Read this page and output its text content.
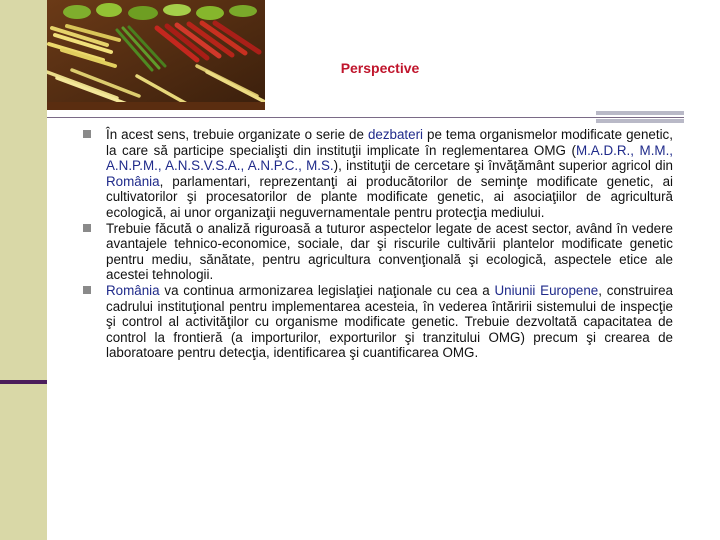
Perspective

În acest sens, trebuie organizate o serie de dezbateri pe tema organismelor modificate genetic, la care să participe specialişti din instituţii implicate în reglementarea OMG (M.A.D.R., M.M., A.N.P.M., A.N.S.V.S.A., A.N.P.C., M.S.), instituţii de cercetare şi învăţământ superior agricol din România, parlamentari, reprezentanţi ai producătorilor de seminţe modificate genetic, ai cultivatorilor şi procesatorilor de plante modificate genetic, ai asociaţiilor de agricultură ecologică, ai unor organizaţii neguvernamentale pentru protecţia mediului.

Trebuie făcută o analiză riguroasă a tuturor aspectelor legate de acest sector, având în vedere avantajele tehnico-economice, sociale, dar şi riscurile cultivării plantelor modificate genetic pentru mediu, sănătate, pentru agricultura convenţională şi ecologică, aspectele etice ale acestei tehnologii.

România va continua armonizarea legislaţiei naţionale cu cea a Uniunii Europene, construirea cadrului instituţional pentru implementarea acesteia, în vederea întăririi sistemului de inspecţie şi control al activităţilor cu organisme modificate genetic. Trebuie dezvoltată capacitatea de control la frontieră (a importurilor, exporturilor şi tranzitului OMG) precum şi crearea de laboratoare pentru detecţia, identificarea şi cuantificarea OMG.
